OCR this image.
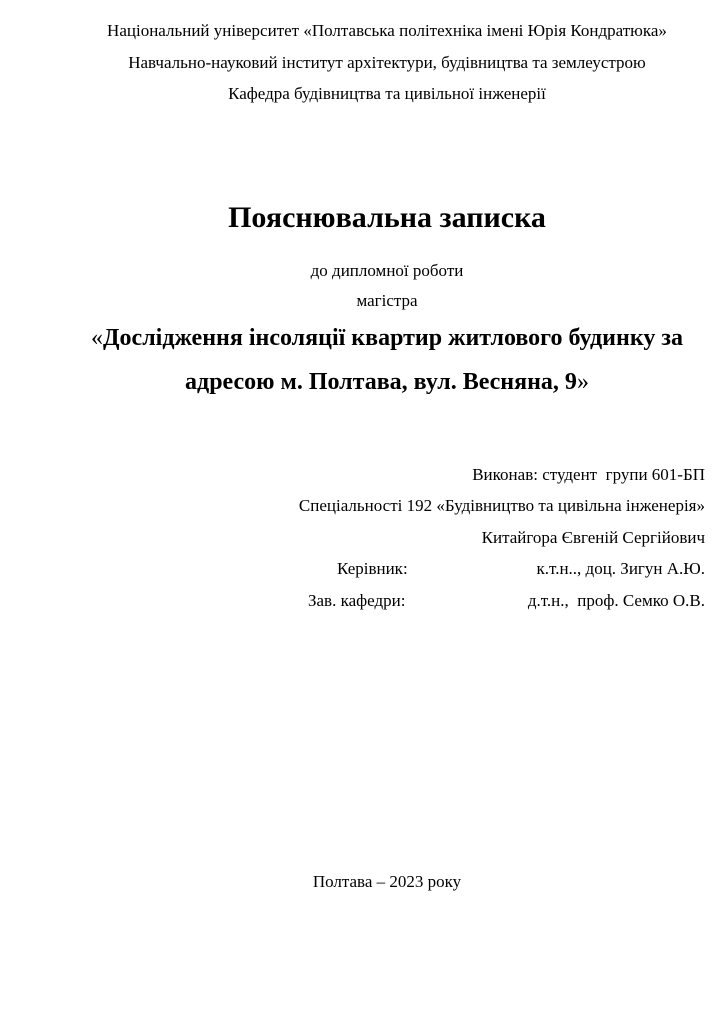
Національний університет «Полтавська політехніка імені Юрія Кондратюка»
Навчально-науковий інститут архітектури, будівництва та землеустрою
Кафедра будівництва та цивільної інженерії
Пояснювальна записка
до дипломної роботи
магістра
«Дослідження інсоляції квартир житлового будинку за
адресою м. Полтава, вул. Весняна, 9»
Виконав: студент  групи 601-БП
Спеціальності 192 «Будівництво та цивільна інженерія»
Китайгора Євгеній Сергійович
Керівник:	к.т.н.., доц. Зигун А.Ю.
Зав. кафедри:	д.т.н.,  проф. Семко О.В.
Полтава – 2023 року
